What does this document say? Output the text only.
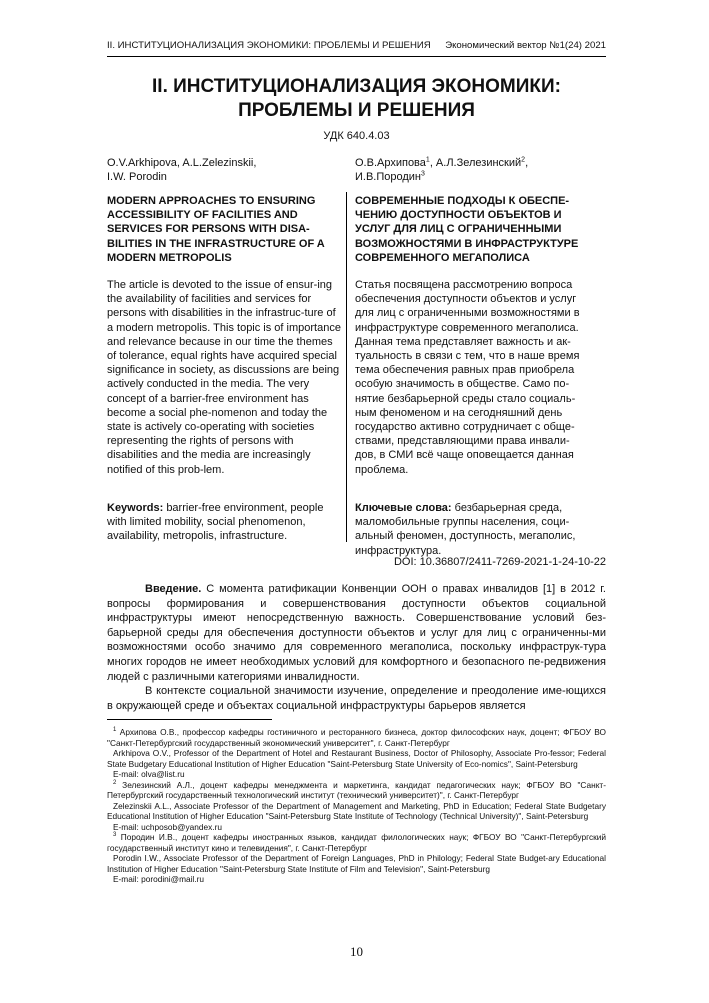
II. ИНСТИТУЦИОНАЛИЗАЦИЯ ЭКОНОМИКИ: ПРОБЛЕМЫ И РЕШЕНИЯ Экономический вектор №1(24) 2021
II. ИНСТИТУЦИОНАЛИЗАЦИЯ ЭКОНОМИКИ:
ПРОБЛЕМЫ И РЕШЕНИЯ
УДК 640.4.03
O.V.Arkhipova, A.L.Zelezinskii,
I.W. Porodin
MODERN APPROACHES TO ENSURING ACCESSIBILITY OF FACILITIES AND SERVICES FOR PERSONS WITH DISA-BILITIES IN THE INFRASTRUCTURE OF A MODERN METROPOLIS
The article is devoted to the issue of ensur-ing the availability of facilities and services for persons with disabilities in the infrastruc-ture of a modern metropolis. This topic is of importance and relevance because in our time the themes of tolerance, equal rights have acquired special significance in society, as discussions are being actively conducted in the media. The very concept of a barrier-free environment has become a social phe-nomenon and today the state is actively co-operating with societies representing the rights of persons with disabilities and the media are increasingly notified of this prob-lem.
Keywords: barrier-free environment, people with limited mobility, social phenomenon, availability, metropolis, infrastructure.
О.В.Архипова$^1$, А.Л.Зелезинский$^2$,
И.В.Породин$^3$
СОВРЕМЕННЫЕ ПОДХОДЫ К ОБЕСПЕ-ЧЕНИЮ ДОСТУПНОСТИ ОБЪЕКТОВ И УСЛУГ ДЛЯ ЛИЦ С ОГРАНИЧЕННЫМИ ВОЗМОЖНОСТЯМИ В ИНФРАСТРУКТУРЕ СОВРЕМЕННОГО МЕГАПОЛИСА
Статья посвящена рассмотрению вопроса обеспечения доступности объектов и услуг для лиц с ограниченными возможностями в инфраструктуре современного мегаполиса. Данная тема представляет важность и ак-туальность в связи с тем, что в наше время тема обеспечения равных прав приобрела особую значимость в обществе. Само по-нятие безбарьерной среды стало социаль-ным феноменом и на сегодняшний день государство активно сотрудничает с обще-ствами, представляющими права инвали-дов, в СМИ всё чаще оповещается данная проблема.
Ключевые слова: безбарьерная среда, маломобильные группы населения, соци-альный феномен, доступность, мегаполис, инфраструктура.
DOI: 10.36807/2411-7269-2021-1-24-10-22

Введение. С момента ратификации Конвенции ООН о правах инвалидов [1] в 2012 г. вопросы формирования и совершенствования доступности объектов социальной инфраструктуры имеют непосредственную важность. Совершенствование условий без-барьерной среды для обеспечения доступности объектов и услуг для лиц с ограниченны-ми возможностями особо значимо для современного мегаполиса, поскольку инфраструк-тура многих городов не имеет необходимых условий для комфортного и безопасного пе-редвижения людей с различными категориями инвалидности.

В контексте социальной значимости изучение, определение и преодоление име-ющихся в окружающей среде и объектах социальной инфраструктуры барьеров является

$^1$ Архипова О.В., профессор кафедры гостиничного и ресторанного бизнеса, доктор философских наук, доцент; ФГБОУ ВО "Санкт-Петербургский государственный экономический университет", г. Санкт-Петербург

Arkhipova O.V., Professor of the Department of Hotel and Restaurant Business, Doctor of Philosophy, Associate Pro-fessor; Federal State Budgetary Educational Institution of Higher Education "Saint-Petersburg State University of Eco-nomics", Saint-Petersburg

E-mail: olva@list.ru

$^2$ Зелезинский А.Л., доцент кафедры менеджмента и маркетинга, кандидат педагогических наук; ФГБОУ ВО "Санкт-Петербургский государственный технологический институт (технический университет)", г. Санкт-Петербург

Zelezinskii A.L., Associate Professor of the Department of Management and Marketing, PhD in Education; Federal State Budgetary Educational Institution of Higher Education "Saint-Petersburg State Institute of Technology (Technical University)", Saint-Petersburg

E-mail: uchposob@yandex.ru

$^3$ Породин И.В., доцент кафедры иностранных языков, кандидат филологических наук; ФГБОУ ВО "Санкт-Петербургский государственный институт кино и телевидения", г. Санкт-Петербург

Porodin I.W., Associate Professor of the Department of Foreign Languages, PhD in Philology; Federal State Budget-ary Educational Institution of Higher Education "Saint-Petersburg State Institute of Film and Television", Saint-Petersburg

E-mail: porodini@mail.ru

10
